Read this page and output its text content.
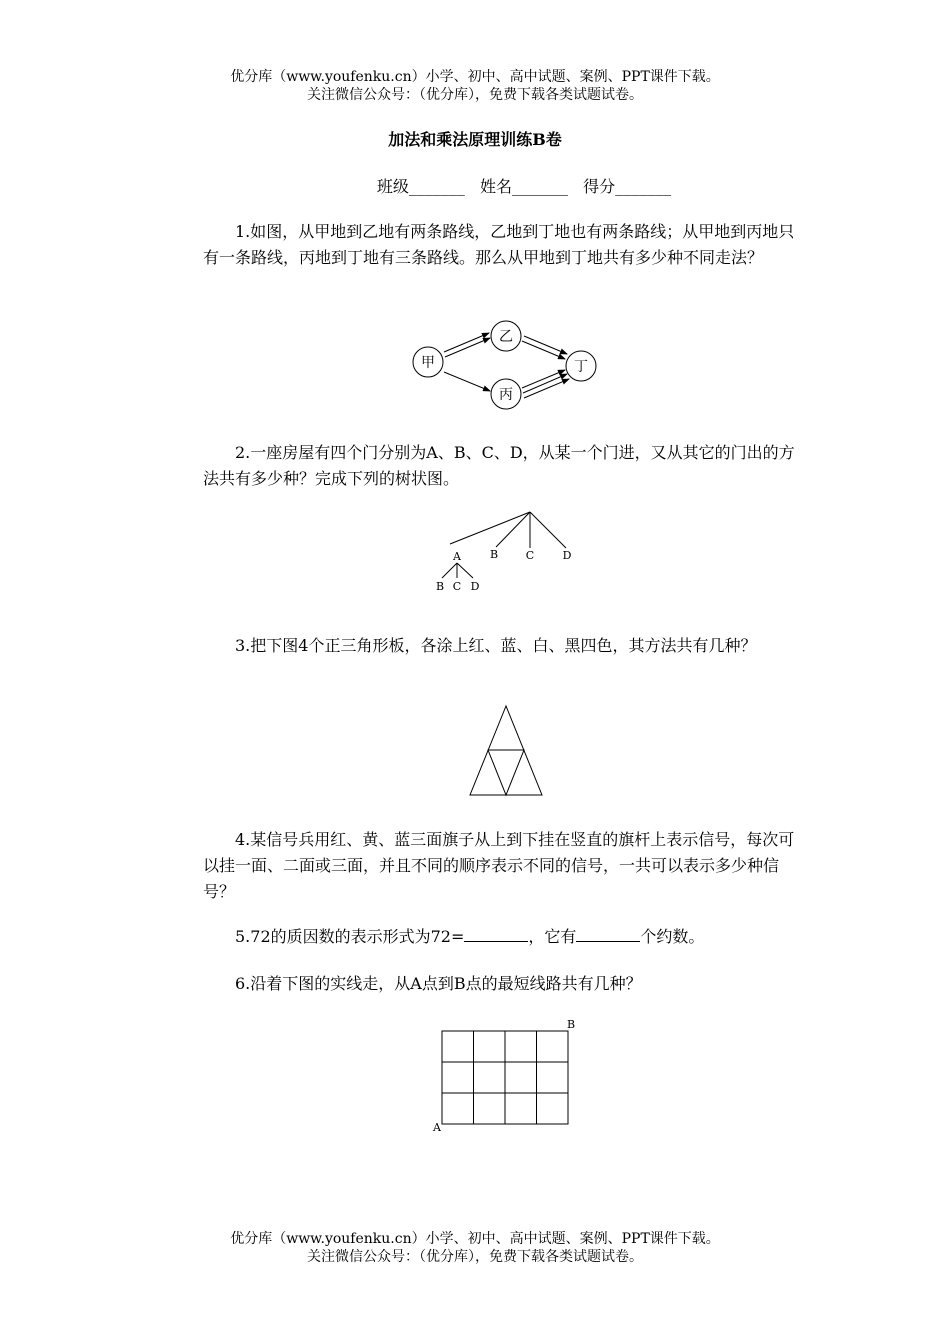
优分库（www.youfenku.cn）小学、初中、高中试题、案例、PPT课件下载。
关注微信公众号：（优分库），免费下载各类试题试卷。
加法和乘法原理训练B卷
班级_______ 姓名_______ 得分_______
1.如图，从甲地到乙地有两条路线，乙地到丁地也有两条路线；从甲地到丙地只有一条路线，丙地到丁地有三条路线。那么从甲地到丁地共有多少种不同走法？
甲
乙
丙
丁
2.一座房屋有四个门分别为A、B、C、D，从某一个门进，又从其它的门出的方法共有多少种？完成下列的树状图。
A	B	C	D
B C D
3.把下图4个正三角形板，各涂上红、蓝、白、黑四色，其方法共有几种？
4.某信号兵用红、黄、蓝三面旗子从上到下挂在竖直的旗杆上表示信号，每次可以挂一面、二面或三面，并且不同的顺序表示不同的信号，一共可以表示多少种信号？
5.72的质因数的表示形式为72=	，它有	个约数。
6.沿着下图的实线走，从A点到B点的最短线路共有几种？
A
B
优分库（www.youfenku.cn）小学、初中、高中试题、案例、PPT课件下载。
关注微信公众号：（优分库），免费下载各类试题试卷。
